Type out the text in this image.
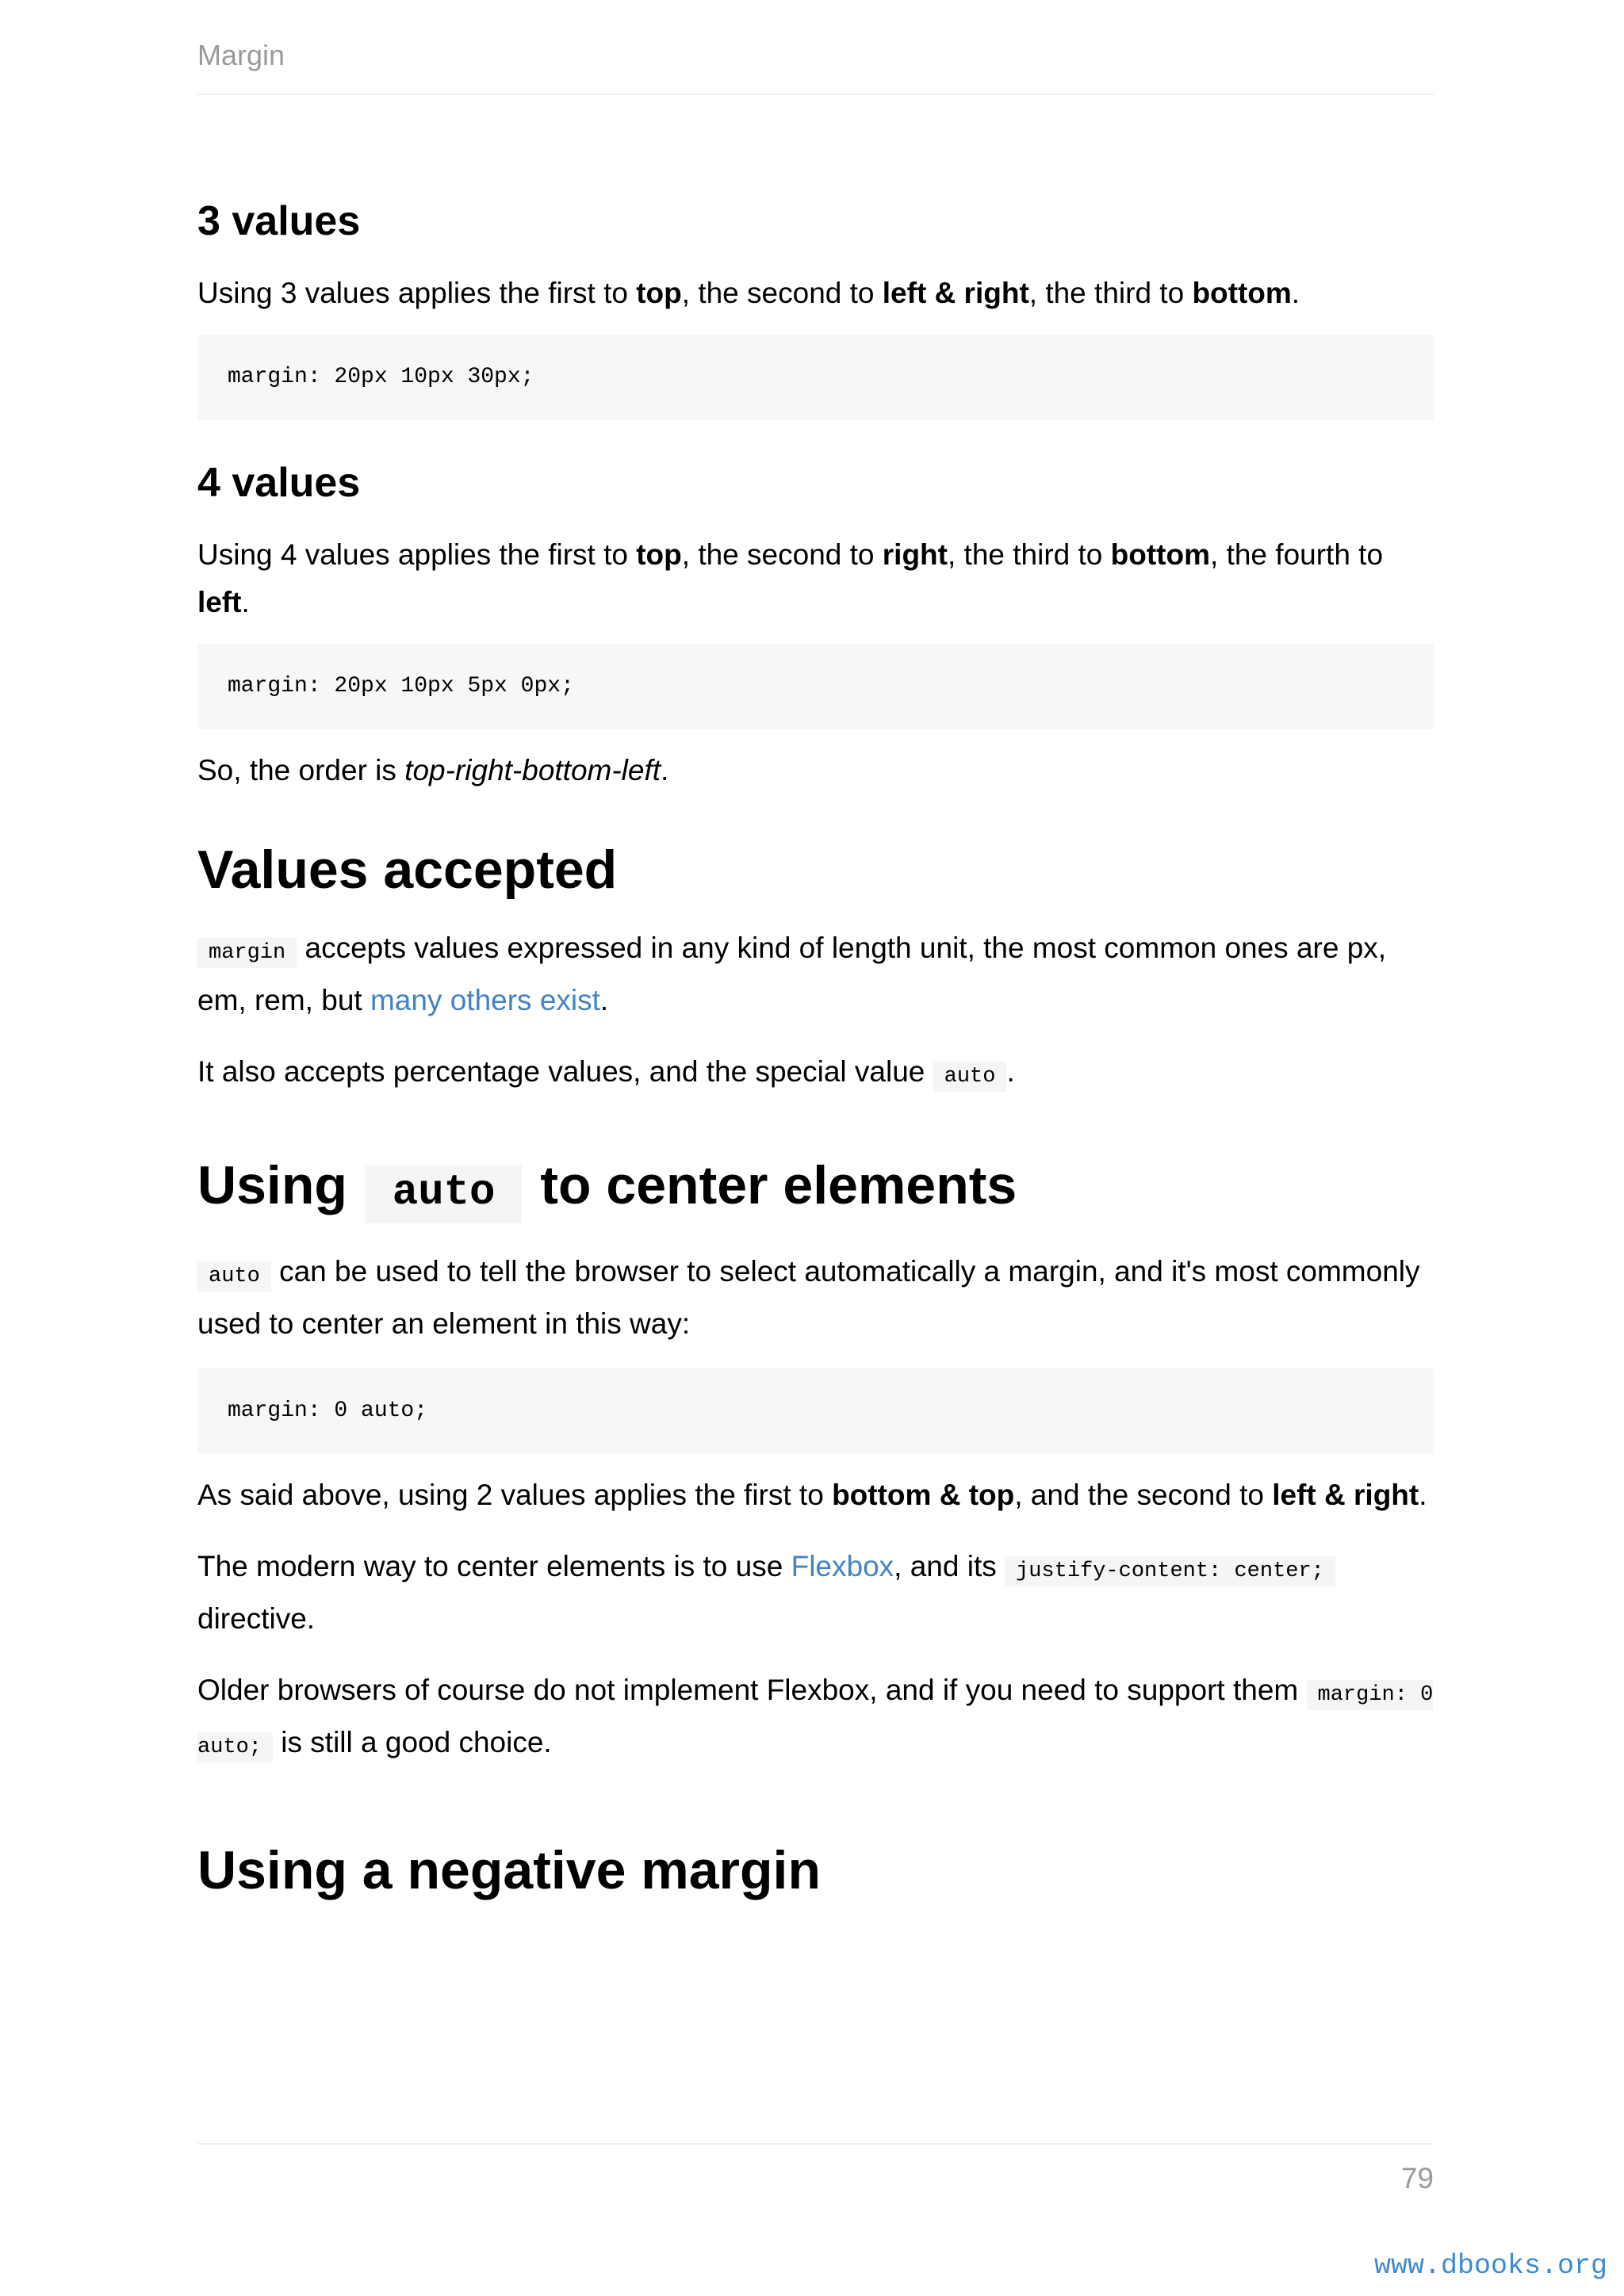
Margin
3 values

Using 3 values applies the first to top, the second to left & right, the third to bottom.

margin: 20px 10px 30px;
4 values

Using 4 values applies the first to top, the second to right, the third to bottom, the fourth to
left.

margin: 20px 10px 5px 0px;

So, the order is top-right-bottom-left.

Values accepted

margin accepts values expressed in any kind of length unit, the most common ones are px, em, rem, but many others exist.

It also accepts percentage values, and the special value auto .

Using auto to center elements

auto can be used to tell the browser to select automatically a margin, and it's most commonly used to center an element in this way:

margin: 0 auto;

As said above, using 2 values applies the first to bottom & top, and the second to left & right.

The modern way to center elements is to use Flexbox, and its justify-content: center; directive.

Older browsers of course do not implement Flexbox, and if you need to support them margin: 0 auto; is still a good choice.

Using a negative margin
79
www.dbooks.org
